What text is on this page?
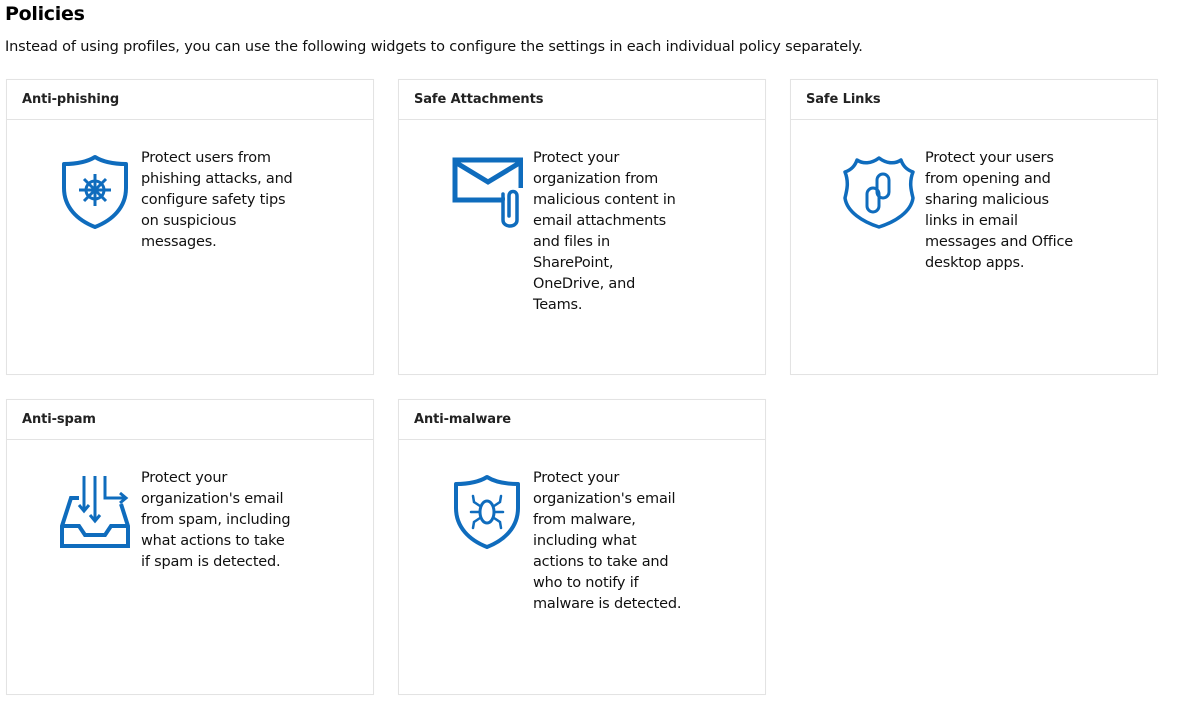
Policies
Instead of using profiles, you can use the following widgets to configure the settings in each individual policy separately.
Anti-phishing
Protect users from phishing attacks, and configure safety tips on suspicious messages.
Safe Attachments
Protect your organization from malicious content in email attachments and files in SharePoint, OneDrive, and Teams.
Safe Links
Protect your users from opening and sharing malicious links in email messages and Office desktop apps.
Anti-spam
Protect your organization's email from spam, including what actions to take if spam is detected.
Anti-malware
Protect your organization's email from malware, including what actions to take and who to notify if malware is detected.
